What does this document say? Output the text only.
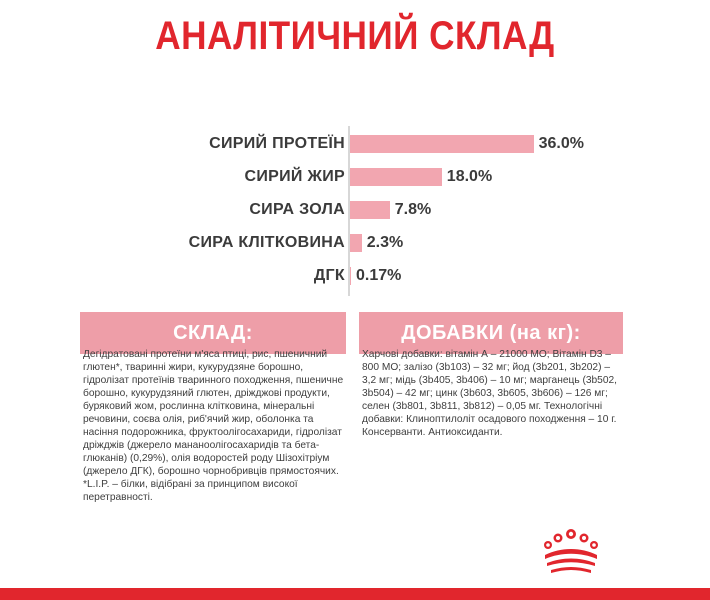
АНАЛІТИЧНИЙ СКЛАД
СИРИЙ ПРОТЕЇН	36.0%
СИРИЙ ЖИР	18.0%
СИРА ЗОЛА	7.8%
СИРА КЛІТКОВИНА 2.3%
ДГК 0.17%
СКЛАД:

Дегідратовані протеїни м'яса птиці, рис, пшеничний глютен*, тваринні жири, кукурудзяне борошно, гідролізат протеїнів тваринного походження, пшеничне борошно, кукурудзяний глютен, дріжджові продукти, буряковий жом, рослинна клітковина, мінеральні речовини, соєва олія, риб'ячий жир, оболонка та насіння подорожника, фруктоолігосахариди, гідролізат дріжджів (джерело мананоолігосахаридів та бета-глюканів) (0,29%), олія водоростей роду Шізохітріум (джерело ДГК), борошно чорнобривців прямостоячих.

*L.I.P. – білки, відібрані за принципом високої перетравності.

ДОБАВКИ (на кг):

Харчові добавки: вітамін А – 21000 МО; Вітамін D3 – 800 МО; залізо (3b103) – 32 мг; йод (3b201, 3b202) – 3,2 мг; мідь (3b405, 3b406) – 10 мг; марганець (3b502, 3b504) – 42 мг; цинк (3b603, 3b605, 3b606) – 126 мг; селен (3b801, 3b811, 3b812) – 0,05 мг. Технологічні добавки: Клиноптилоліт осадового походження – 10 г. Консерванти. Антиоксиданти.
